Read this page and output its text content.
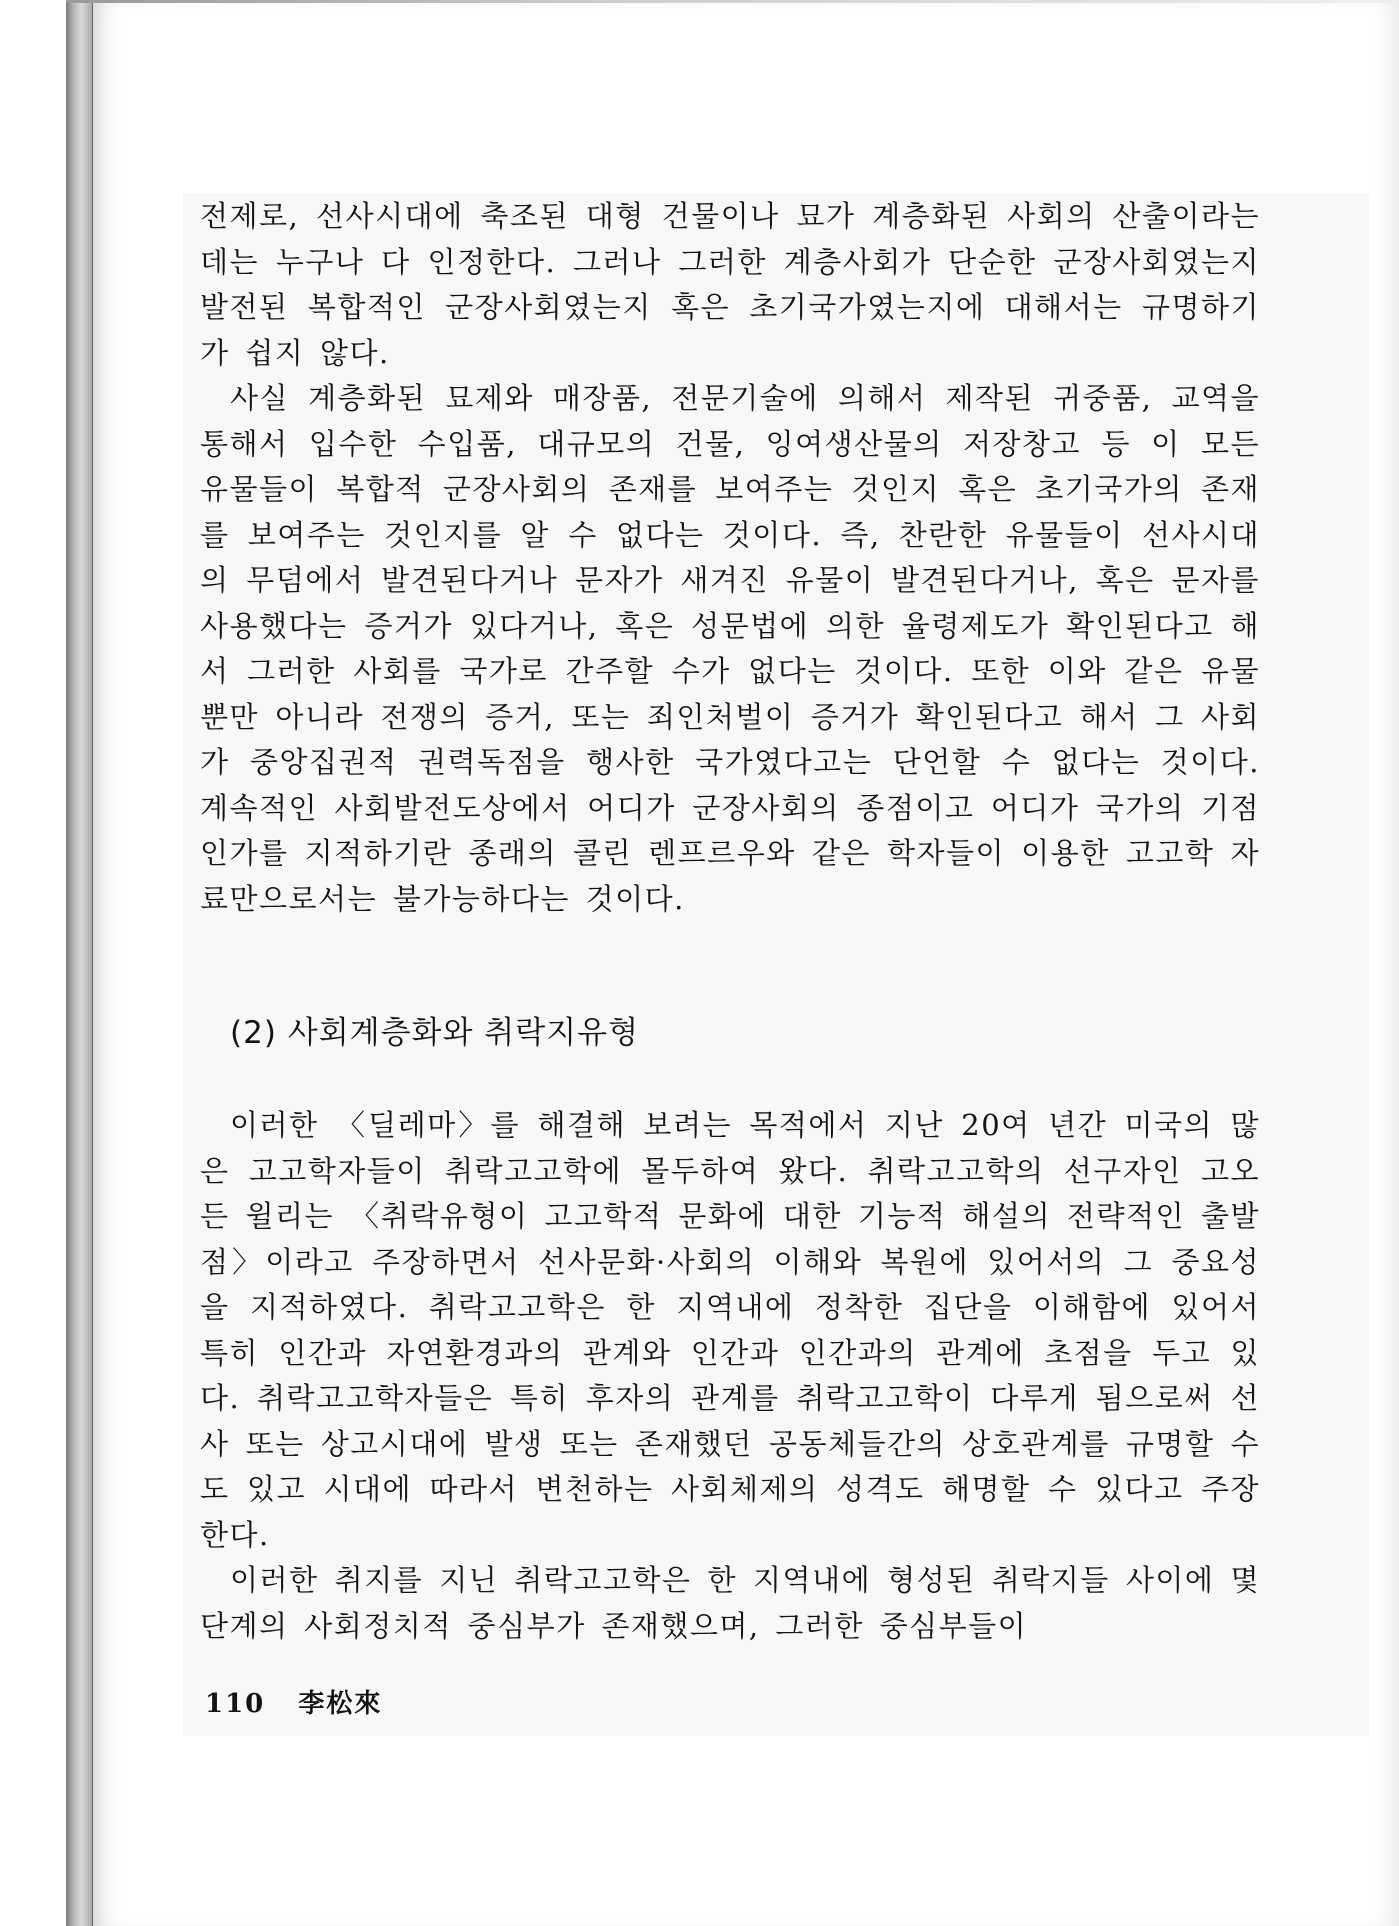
전제로, 선사시대에 축조된 대형 건물이나 묘가 계층화된 사회의 산출이라는 데는 누구나 다 인정한다. 그러나 그러한 계층사회가 단순한 군장사회였는지 발전된 복합적인 군장사회였는지 혹은 초기국가였는지에 대해서는 규명하기가 쉽지 않다.

사실 계층화된 묘제와 매장품, 전문기술에 의해서 제작된 귀중품, 교역을 통해서 입수한 수입품, 대규모의 건물, 잉여생산물의 저장창고 등 이 모든 유물들이 복합적 군장사회의 존재를 보여주는 것인지 혹은 초기국가의 존재를 보여주는 것인지를 알 수 없다는 것이다. 즉, 찬란한 유물들이 선사시대의 무덤에서 발견된다거나 문자가 새겨진 유물이 발견된다거나, 혹은 문자를 사용했다는 증거가 있다거나, 혹은 성문법에 의한 율령제도가 확인된다고 해서 그러한 사회를 국가로 간주할 수가 없다는 것이다. 또한 이와 같은 유물뿐만 아니라 전쟁의 증거, 또는 죄인처벌이 증거가 확인된다고 해서 그 사회가 중앙집권적 권력독점을 행사한 국가였다고는 단언할 수 없다는 것이다. 계속적인 사회발전도상에서 어디가 군장사회의 종점이고 어디가 국가의 기점인가를 지적하기란 종래의 콜린 렌프르우와 같은 학자들이 이용한 고고학 자료만으로서는 불가능하다는 것이다.

(2) 사회계층화와 취락지유형

이러한 〈딜레마〉를 해결해 보려는 목적에서 지난 20여 년간 미국의 많은 고고학자들이 취락고고학에 몰두하여 왔다. 취락고고학의 선구자인 고오든 윌리는 〈취락유형이 고고학적 문화에 대한 기능적 해설의 전략적인 출발점〉이라고 주장하면서 선사문화·사회의 이해와 복원에 있어서의 그 중요성을 지적하였다. 취락고고학은 한 지역내에 정착한 집단을 이해함에 있어서 특히 인간과 자연환경과의 관계와 인간과 인간과의 관계에 초점을 두고 있다. 취락고고학자들은 특히 후자의 관계를 취락고고학이 다루게 됨으로써 선사 또는 상고시대에 발생 또는 존재했던 공동체들간의 상호관계를 규명할 수도 있고 시대에 따라서 변천하는 사회체제의 성격도 해명할 수 있다고 주장한다.

이러한 취지를 지닌 취락고고학은 한 지역내에 형성된 취락지들 사이에 몇 단계의 사회정치적 중심부가 존재했으며, 그러한 중심부들이

110 李松來
